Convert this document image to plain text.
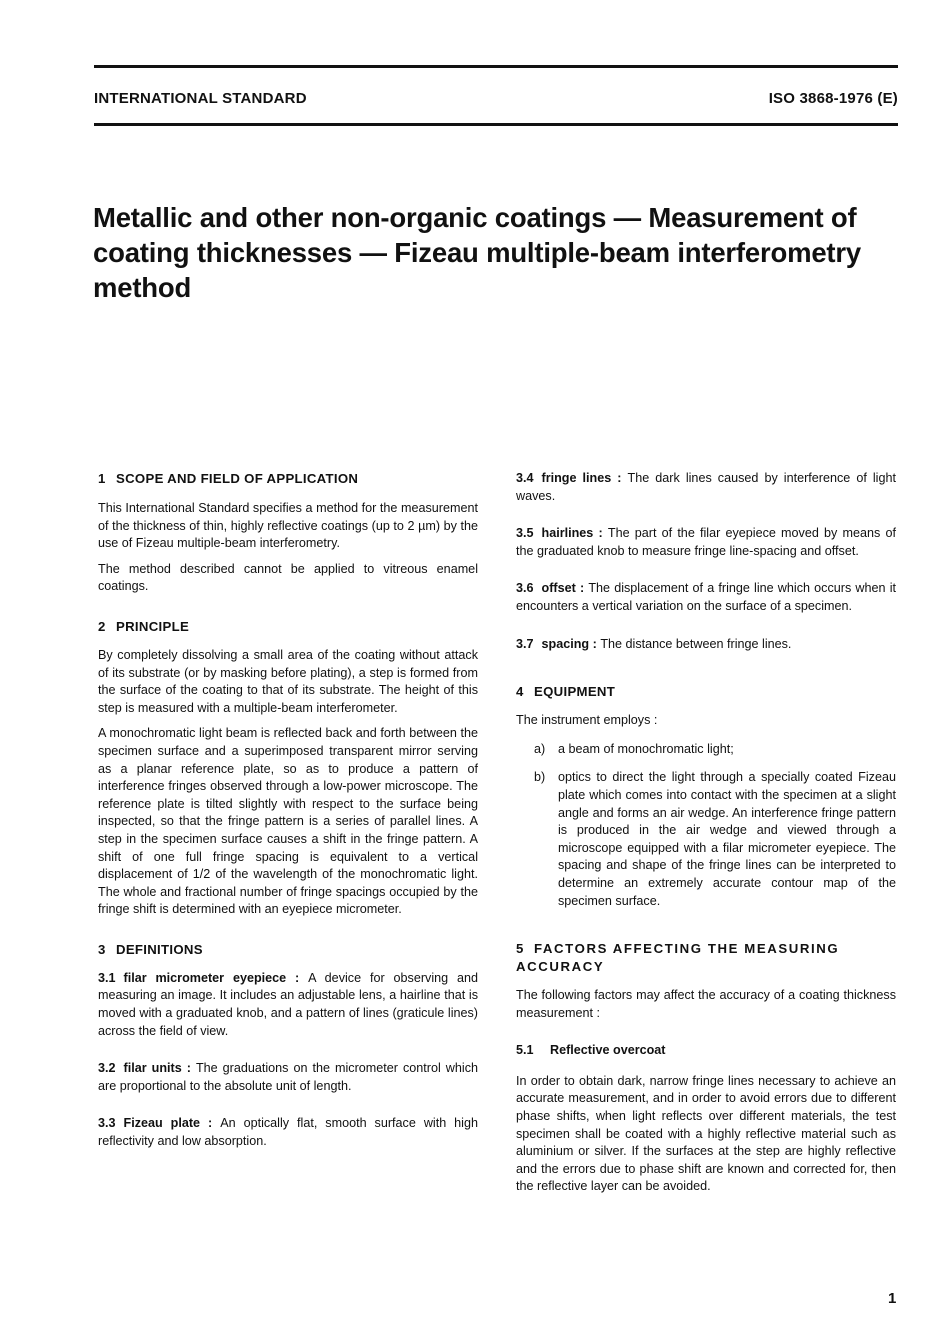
INTERNATIONAL STANDARD	ISO 3868-1976 (E)
Metallic and other non-organic coatings — Measurement of coating thicknesses — Fizeau multiple-beam interferometry method
1 SCOPE AND FIELD OF APPLICATION

This International Standard specifies a method for the measurement of the thickness of thin, highly reflective coatings (up to 2 µm) by the use of Fizeau multiple-beam interferometry.

The method described cannot be applied to vitreous enamel coatings.

2 PRINCIPLE

By completely dissolving a small area of the coating without attack of its substrate (or by masking before plating), a step is formed from the surface of the coating to that of its substrate. The height of this step is measured with a multiple-beam interferometer.

A monochromatic light beam is reflected back and forth between the specimen surface and a superimposed transparent mirror serving as a planar reference plate, so as to produce a pattern of interference fringes observed through a low-power microscope. The reference plate is tilted slightly with respect to the surface being inspected, so that the fringe pattern is a series of parallel lines. A step in the specimen surface causes a shift in the fringe pattern. A shift of one full fringe spacing is equivalent to a vertical displacement of 1/2 of the wavelength of the monochromatic light. The whole and fractional number of fringe spacings occupied by the fringe shift is determined with an eyepiece micrometer.

3 DEFINITIONS

3.1 filar micrometer eyepiece : A device for observing and measuring an image. It includes an adjustable lens, a hairline that is moved with a graduated knob, and a pattern of lines (graticule lines) across the field of view.

3.2 filar units : The graduations on the micrometer control which are proportional to the absolute unit of length.

3.3 Fizeau plate : An optically flat, smooth surface with high reflectivity and low absorption.

3.4 fringe lines : The dark lines caused by interference of light waves.

3.5 hairlines : The part of the filar eyepiece moved by means of the graduated knob to measure fringe line-spacing and offset.

3.6 offset : The displacement of a fringe line which occurs when it encounters a vertical variation on the surface of a specimen.

3.7 spacing : The distance between fringe lines.

4 EQUIPMENT

The instrument employs :

a) a beam of monochromatic light;
b)	optics to direct the light through a specially coated Fizeau plate which comes into contact with the specimen at a slight angle and forms an air wedge. An interference fringe pattern is produced in the air wedge and viewed through a microscope equipped with a filar micrometer eyepiece. The spacing and shape of the fringe lines can be interpreted to determine an extremely accurate contour map of the specimen surface.
5 FACTORS AFFECTING THE MEASURING ACCURACY

The following factors may affect the accuracy of a coating thickness measurement :

5.1 Reflective overcoat

In order to obtain dark, narrow fringe lines necessary to achieve an accurate measurement, and in order to avoid errors due to different phase shifts, when light reflects over different materials, the test specimen shall be coated with a highly reflective material such as aluminium or silver. If the surfaces at the step are highly reflective and the errors due to phase shift are known and corrected for, then the reflective layer can be avoided.

1
